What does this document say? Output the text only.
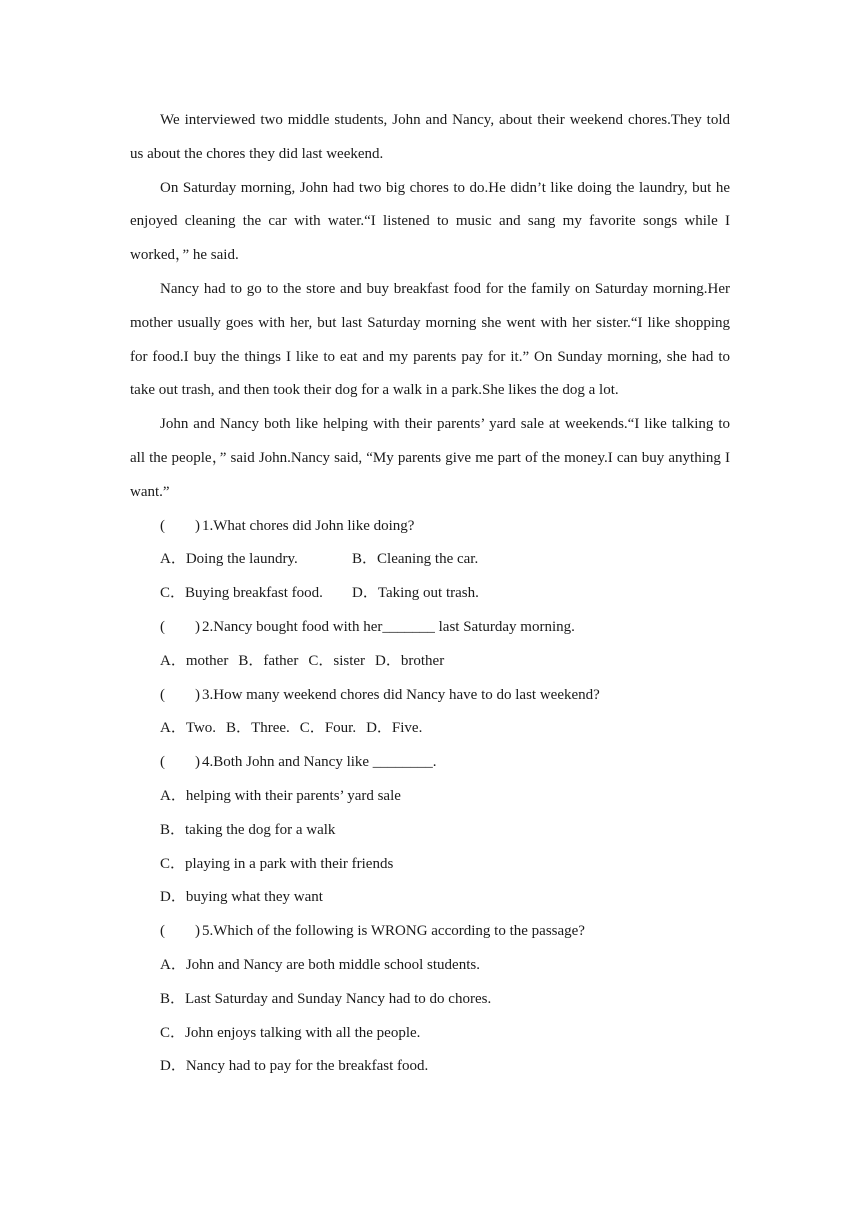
We interviewed two middle students, John and Nancy, about their weekend chores.They told us about the chores they did last weekend.

On Saturday morning, John had two big chores to do.He didn’t like doing the laundry, but he enjoyed cleaning the car with water.“I listened to music and sang my favorite songs while I worked，” he said.

Nancy had to go to the store and buy breakfast food for the family on Saturday morning.Her mother usually goes with her, but last Saturday morning she went with her sister.“I like shopping for food.I buy the things I like to eat and my parents pay for it.” On Sunday morning, she had to take out trash, and then took their dog for a walk in a park.She likes the dog a lot.

John and Nancy both like helping with their parents’ yard sale at weekends.“I like talking to all the people，” said John.Nancy said, “My parents give me part of the money.I can buy anything I want.”

(　　) 1.What chores did John like doing?

A．Doing the laundry.	B．Cleaning the car.

C．Buying breakfast food. D．Taking out trash.

(　　) 2.Nancy bought food with her_______ last Saturday morning.

A．mother B．father C．sister D．brother

(　　) 3.How many weekend chores did Nancy have to do last weekend?

A．Two. B．Three. C．Four. D．Five.

(　　) 4.Both John and Nancy like ________.

A．helping with their parents’ yard sale

B．taking the dog for a walk

C．playing in a park with their friends

D．buying what they want

(　　) 5.Which of the following is WRONG according to the passage?

A．John and Nancy are both middle school students.

B．Last Saturday and Sunday Nancy had to do chores.

C．John enjoys talking with all the people.

D．Nancy had to pay for the breakfast food.
